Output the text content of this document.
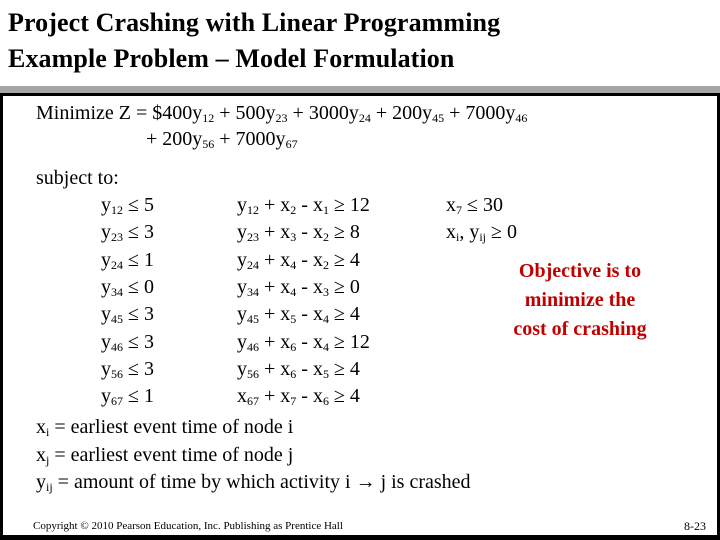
Project Crashing with Linear Programming
Example Problem – Model Formulation
Minimize $Z = \$400y_{12} + 500y_{23} + 3000y_{24} + 200y_{45} + 7000y_{46}$
+ $200y_{56} + 7000y_{67}$
subject to:
$y_{12} \le 5$
$y_{23} \le 3$
$y_{24} \le 1$
$y_{34} \le 0$
$y_{45} \le 3$
$y_{46} \le 3$
$y_{56} \le 3$
$y_{67} \le 1$
$y_{12} + x_2 - x_1 \ge 12$
$y_{23} + x_3 - x_2 \ge 8$
$y_{24} + x_4 - x_2 \ge 4$
$y_{34} + x_4 - x_3 \ge 0$
$y_{45} + x_5 - x_4 \ge 4$
$y_{46} + x_6 - x_4 \ge 12$
$y_{56} + x_6 - x_5 \ge 4$
$x_{67} + x_7 - x_6 \ge 4$
$x_7 \le 30$
$x_i$, $y_{ij} \ge 0$
Objective is to
minimize the
cost of crashing
$x_i$ = earliest event time of node i
$x_j$ = earliest event time of node j
$y_{ij}$ = amount of time by which activity i → j is crashed
Copyright © 2010 Pearson Education, Inc. Publishing as Prentice Hall	8-23
